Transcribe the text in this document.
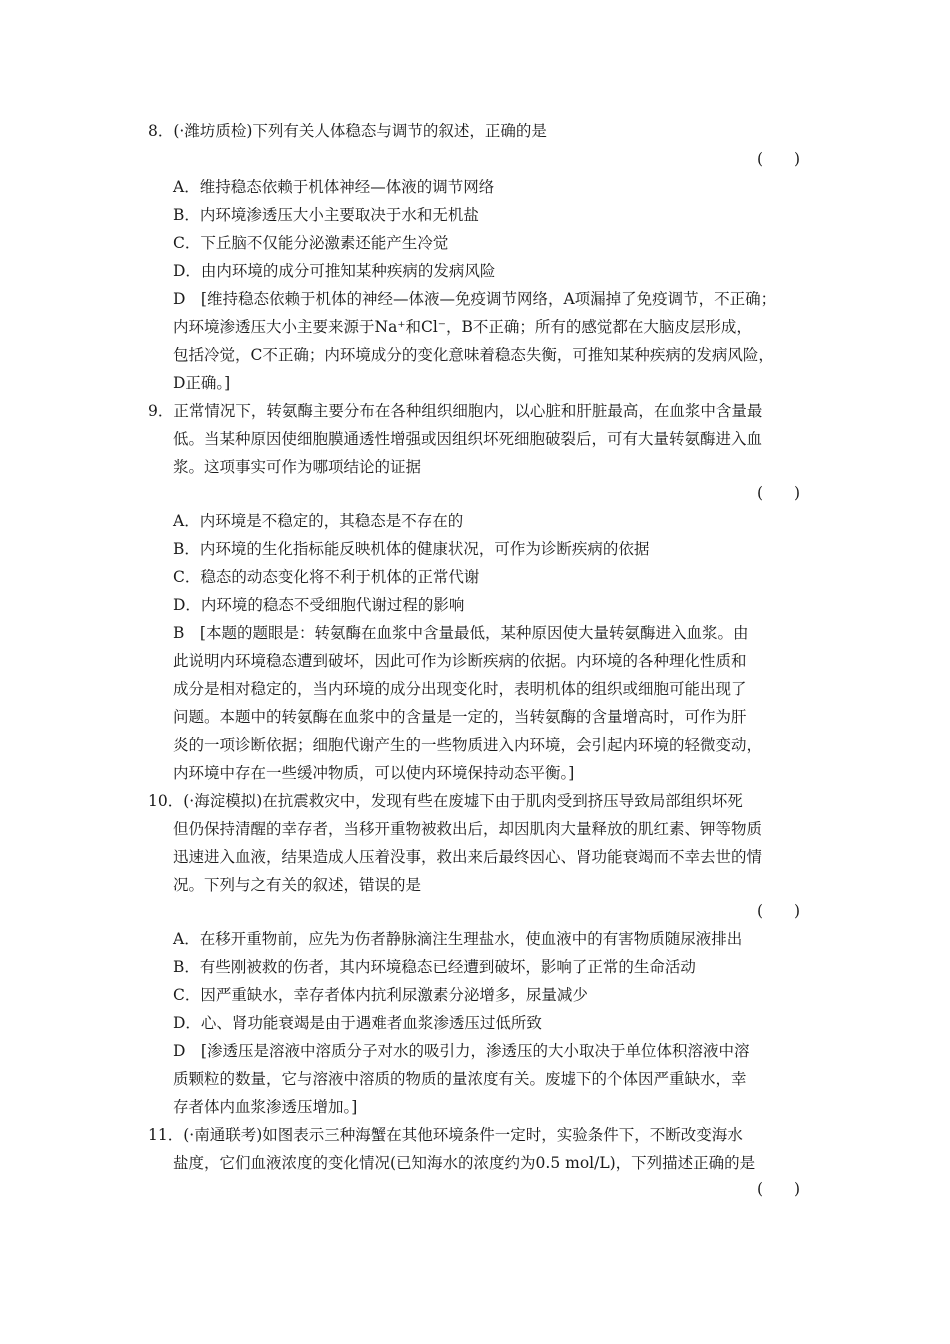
8．(·潍坊质检)下列有关人体稳态与调节的叙述，正确的是
(　　)
A．维持稳态依赖于机体神经—体液的调节网络
B．内环境渗透压大小主要取决于水和无机盐
C．下丘脑不仅能分泌激素还能产生冷觉
D．由内环境的成分可推知某种疾病的发病风险
D　[维持稳态依赖于机体的神经—体液—免疫调节网络，A项漏掉了免疫调节，不正确；
内环境渗透压大小主要来源于Na⁺和Cl⁻，B不正确；所有的感觉都在大脑皮层形成，
包括冷觉，C不正确；内环境成分的变化意味着稳态失衡，可推知某种疾病的发病风险，
D正确。]
9．正常情况下，转氨酶主要分布在各种组织细胞内，以心脏和肝脏最高，在血浆中含量最
低。当某种原因使细胞膜通透性增强或因组织坏死细胞破裂后，可有大量转氨酶进入血
浆。这项事实可作为哪项结论的证据
(　　)
A．内环境是不稳定的，其稳态是不存在的
B．内环境的生化指标能反映机体的健康状况，可作为诊断疾病的依据
C．稳态的动态变化将不利于机体的正常代谢
D．内环境的稳态不受细胞代谢过程的影响
B　[本题的题眼是：转氨酶在血浆中含量最低，某种原因使大量转氨酶进入血浆。由
此说明内环境稳态遭到破坏，因此可作为诊断疾病的依据。内环境的各种理化性质和
成分是相对稳定的，当内环境的成分出现变化时，表明机体的组织或细胞可能出现了
问题。本题中的转氨酶在血浆中的含量是一定的，当转氨酶的含量增高时，可作为肝
炎的一项诊断依据；细胞代谢产生的一些物质进入内环境，会引起内环境的轻微变动，
内环境中存在一些缓冲物质，可以使内环境保持动态平衡。]
10．(·海淀模拟)在抗震救灾中，发现有些在废墟下由于肌肉受到挤压导致局部组织坏死
但仍保持清醒的幸存者，当移开重物被救出后，却因肌肉大量释放的肌红素、钾等物质
迅速进入血液，结果造成人压着没事，救出来后最终因心、肾功能衰竭而不幸去世的情
况。下列与之有关的叙述，错误的是
(　　)
A．在移开重物前，应先为伤者静脉滴注生理盐水，使血液中的有害物质随尿液排出
B．有些刚被救的伤者，其内环境稳态已经遭到破坏，影响了正常的生命活动
C．因严重缺水，幸存者体内抗利尿激素分泌增多，尿量减少
D．心、肾功能衰竭是由于遇难者血浆渗透压过低所致
D　[渗透压是溶液中溶质分子对水的吸引力，渗透压的大小取决于单位体积溶液中溶
质颗粒的数量，它与溶液中溶质的物质的量浓度有关。废墟下的个体因严重缺水，幸
存者体内血浆渗透压增加。]
11．(·南通联考)如图表示三种海蟹在其他环境条件一定时，实验条件下，不断改变海水
盐度，它们血液浓度的变化情况(已知海水的浓度约为0.5 mol/L)，下列描述正确的是
(　　)
